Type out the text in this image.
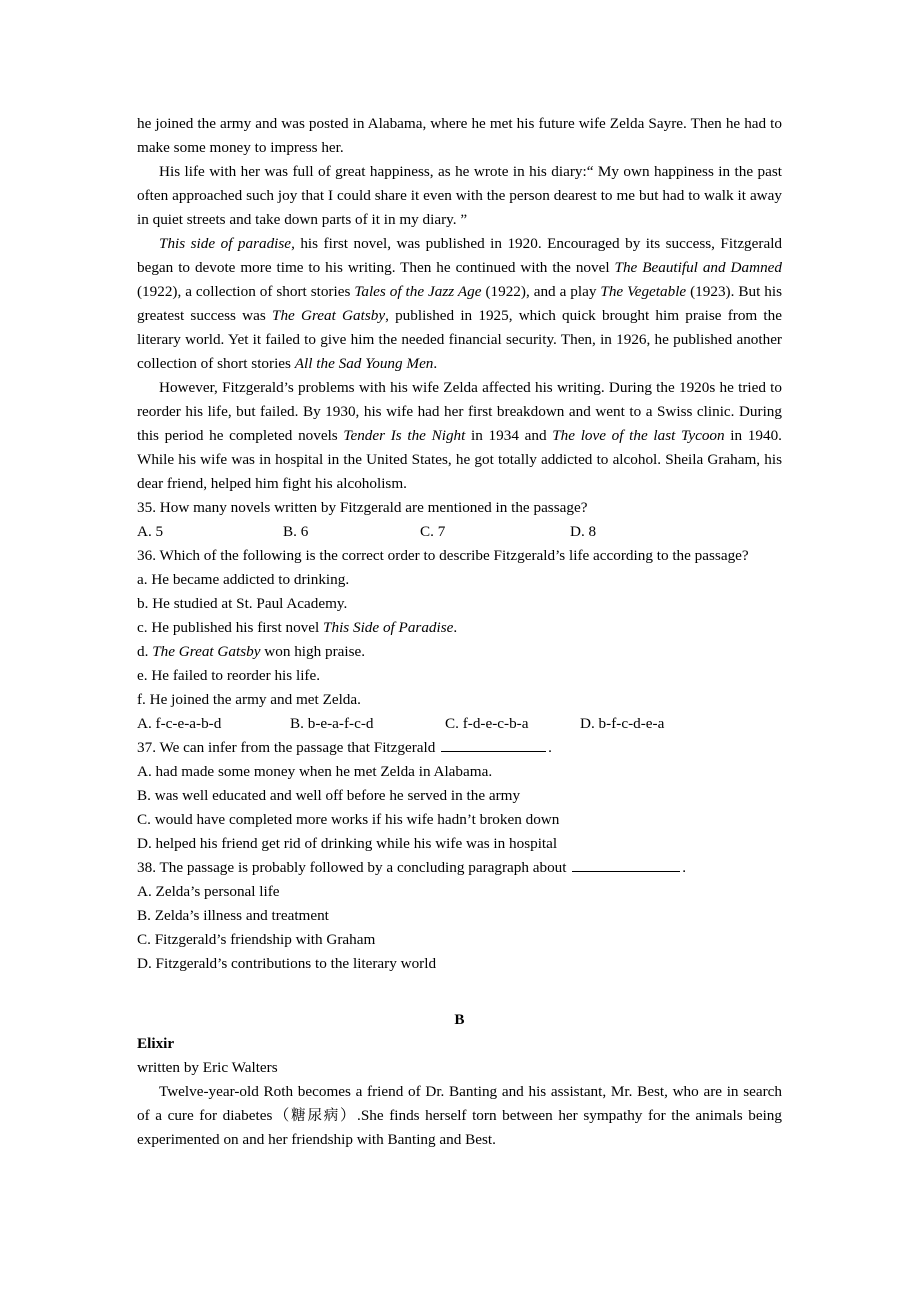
he joined the army and was posted in Alabama, where he met his future wife Zelda Sayre. Then he had to make some money to impress her.

His life with her was full of great happiness, as he wrote in his diary:“ My own happiness in the past often approached such joy that I could share it even with the person dearest to me but had to walk it away in quiet streets and take down parts of it in my diary. ”

This side of paradise, his first novel, was published in 1920. Encouraged by its success, Fitzgerald began to devote more time to his writing. Then he continued with the novel The Beautiful and Damned (1922), a collection of short stories Tales of the Jazz Age (1922), and a play The Vegetable (1923). But his greatest success was The Great Gatsby, published in 1925, which quick brought him praise from the literary world. Yet it failed to give him the needed financial security. Then, in 1926, he published another collection of short stories All the Sad Young Men.

However, Fitzgerald’s problems with his wife Zelda affected his writing. During the 1920s he tried to reorder his life, but failed. By 1930, his wife had her first breakdown and went to a Swiss clinic. During this period he completed novels Tender Is the Night in 1934 and The love of the last Tycoon in 1940. While his wife was in hospital in the United States, he got totally addicted to alcohol. Sheila Graham, his dear friend, helped him fight his alcoholism.

35. How many novels written by Fitzgerald are mentioned in the passage?

A. 5	B. 6	C. 7	D. 8

36. Which of the following is the correct order to describe Fitzgerald’s life according to the passage?

a. He became addicted to drinking.

b. He studied at St. Paul Academy.

c. He published his first novel This Side of Paradise.

d. The Great Gatsby won high praise.

e. He failed to reorder his life.

f. He joined the army and met Zelda.

A. f-c-e-a-b-d	B. b-e-a-f-c-d	C. f-d-e-c-b-a	D. b-f-c-d-e-a

37. We can infer from the passage that Fitzgerald	.

A. had made some money when he met Zelda in Alabama.

B. was well educated and well off before he served in the army

C. would have completed more works if his wife hadn’t broken down

D. helped his friend get rid of drinking while his wife was in hospital

38. The passage is probably followed by a concluding paragraph about	.

A. Zelda’s personal life

B. Zelda’s illness and treatment

C. Fitzgerald’s friendship with Graham

D. Fitzgerald’s contributions to the literary world

B

Elixir

written by Eric Walters

Twelve-year-old Roth becomes a friend of Dr. Banting and his assistant, Mr. Best, who are in search of a cure for diabetes（糖尿病）.She finds herself torn between her sympathy for the animals being experimented on and her friendship with Banting and Best.
